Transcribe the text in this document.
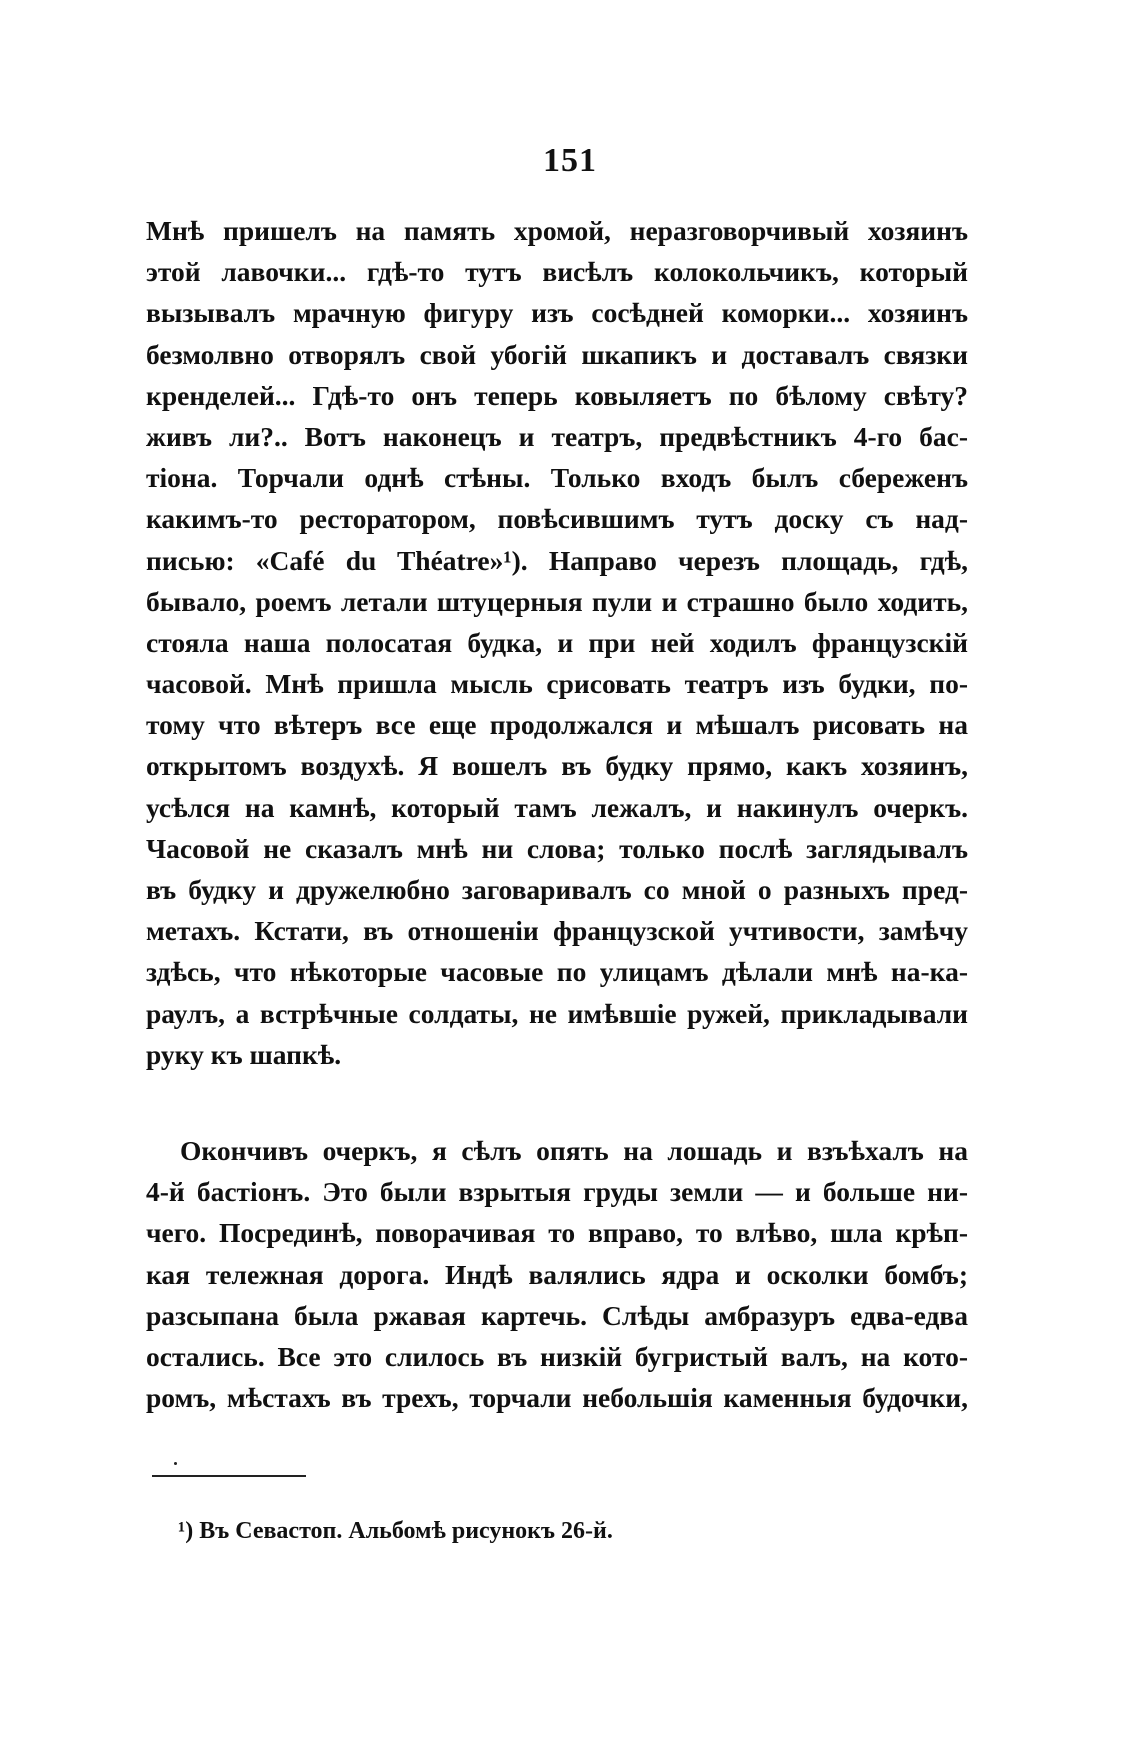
151
Мнѣ пришелъ на память хромой, неразговорчивый хозяинъ
этой лавочки... гдѣ-то тутъ висѣлъ колокольчикъ, который
вызывалъ мрачную фигуру изъ сосѣдней коморки... хозяинъ
безмолвно отворялъ свой убогій шкапикъ и доставалъ связки
кренделей... Гдѣ-то онъ теперь ковыляетъ по бѣлому свѣту?
живъ ли?.. Вотъ наконецъ и театръ, предвѣстникъ 4-го бас-
тіона. Торчали однѣ стѣны. Только входъ былъ сбереженъ
какимъ-то ресторатором, повѣсившимъ тутъ доску съ над-
писью: «Café du Théatre»¹). Направо черезъ площадь, гдѣ,
бывало, роемъ летали штуцерныя пули и страшно было ходить,
стояла наша полосатая будка, и при ней ходилъ французскій
часовой. Мнѣ пришла мысль срисовать театръ изъ будки, по-
тому что вѣтеръ все еще продолжался и мѣшалъ рисовать на
открытомъ воздухѣ. Я вошелъ въ будку прямо, какъ хозяинъ,
усѣлся на камнѣ, который тамъ лежалъ, и накинулъ очеркъ.
Часовой не сказалъ мнѣ ни слова; только послѣ заглядывалъ
въ будку и дружелюбно заговаривалъ со мной о разныхъ пред-
метахъ. Кстати, въ отношеніи французской учтивости, замѣчу
здѣсь, что нѣкоторые часовые по улицамъ дѣлали мнѣ на-ка-
раулъ, а встрѣчные солдаты, не имѣвшіе ружей, прикладывали
руку къ шапкѣ.
Окончивъ очеркъ, я сѣлъ опять на лошадь и взъѣхалъ на
4-й бастіонъ. Это были взрытыя груды земли — и больше ни-
чего. Посрединѣ, поворачивая то вправо, то влѣво, шла крѣп-
кая тележная дорога. Индѣ валялись ядра и осколки бомбъ;
разсыпана была ржавая картечь. Слѣды амбразуръ едва-едва
остались. Все это слилось въ низкій бугристый валъ, на кото-
ромъ, мѣстахъ въ трехъ, торчали небольшія каменныя будочки,
¹) Въ Севастоп. Альбомѣ рисунокъ 26-й.
